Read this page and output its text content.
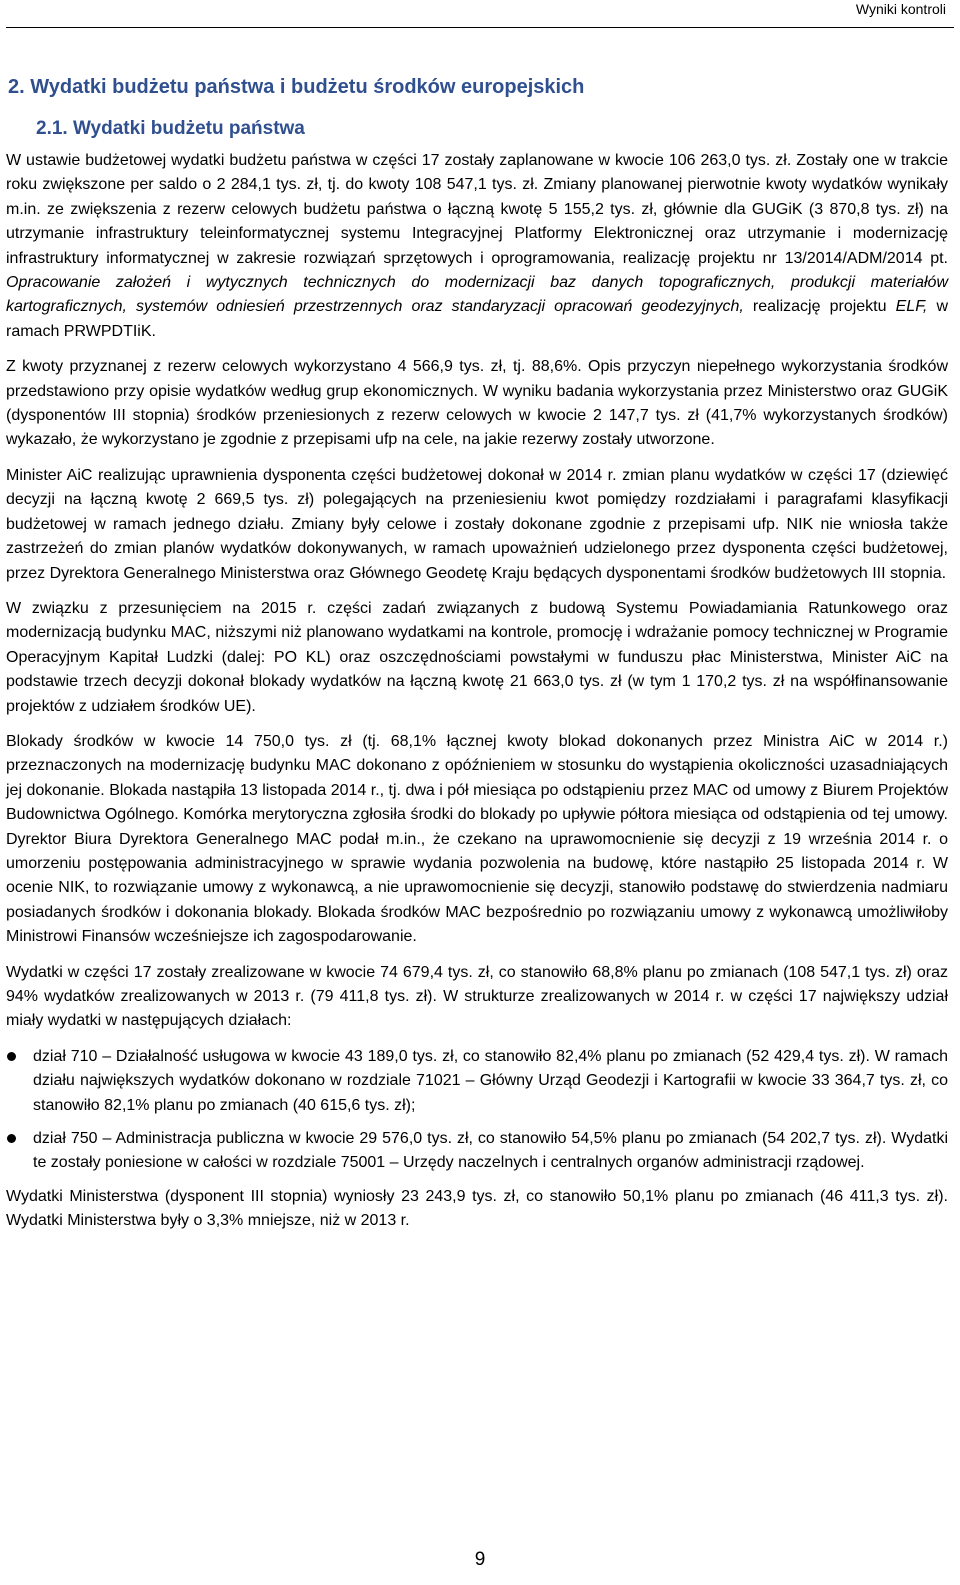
Wyniki kontroli
2. Wydatki budżetu państwa i budżetu środków europejskich
2.1. Wydatki budżetu państwa

W ustawie budżetowej wydatki budżetu państwa w części 17 zostały zaplanowane w kwocie 106 263,0 tys. zł. Zostały one w trakcie roku zwiększone per saldo o 2 284,1 tys. zł, tj. do kwoty 108 547,1 tys. zł. Zmiany planowanej pierwotnie kwoty wydatków wynikały m.in. ze zwiększenia z rezerw celowych budżetu państwa o łączną kwotę 5 155,2 tys. zł, głównie dla GUGiK (3 870,8 tys. zł) na utrzymanie infrastruktury teleinformatycznej systemu Integracyjnej Platformy Elektronicznej oraz utrzymanie i modernizację infrastruktury informatycznej w zakresie rozwiązań sprzętowych i oprogramowania, realizację projektu nr 13/2014/ADM/2014 pt. Opracowanie założeń i wytycznych technicznych do modernizacji baz danych topograficznych, produkcji materiałów kartograficznych, systemów odniesień przestrzennych oraz standaryzacji opracowań geodezyjnych, realizację projektu ELF, w ramach PRWPDTIiK.

Z kwoty przyznanej z rezerw celowych wykorzystano 4 566,9 tys. zł, tj. 88,6%. Opis przyczyn niepełnego wykorzystania środków przedstawiono przy opisie wydatków według grup ekonomicznych. W wyniku badania wykorzystania przez Ministerstwo oraz GUGiK (dysponentów III stopnia) środków przeniesionych z rezerw celowych w kwocie 2 147,7 tys. zł (41,7% wykorzystanych środków) wykazało, że wykorzystano je zgodnie z przepisami ufp na cele, na jakie rezerwy zostały utworzone.

Minister AiC realizując uprawnienia dysponenta części budżetowej dokonał w 2014 r. zmian planu wydatków w części 17 (dziewięć decyzji na łączną kwotę 2 669,5 tys. zł) polegających na przeniesieniu kwot pomiędzy rozdziałami i paragrafami klasyfikacji budżetowej w ramach jednego działu. Zmiany były celowe i zostały dokonane zgodnie z przepisami ufp. NIK nie wniosła także zastrzeżeń do zmian planów wydatków dokonywanych, w ramach upoważnień udzielonego przez dysponenta części budżetowej, przez Dyrektora Generalnego Ministerstwa oraz Głównego Geodetę Kraju będących dysponentami środków budżetowych III stopnia.

W związku z przesunięciem na 2015 r. części zadań związanych z budową Systemu Powiadamiania Ratunkowego oraz modernizacją budynku MAC, niższymi niż planowano wydatkami na kontrole, promocję i wdrażanie pomocy technicznej w Programie Operacyjnym Kapitał Ludzki (dalej: PO KL) oraz oszczędnościami powstałymi w funduszu płac Ministerstwa, Minister AiC na podstawie trzech decyzji dokonał blokady wydatków na łączną kwotę 21 663,0 tys. zł (w tym 1 170,2 tys. zł na współfinansowanie projektów z udziałem środków UE).

Blokady środków w kwocie 14 750,0 tys. zł (tj. 68,1% łącznej kwoty blokad dokonanych przez Ministra AiC w 2014 r.) przeznaczonych na modernizację budynku MAC dokonano z opóźnieniem w stosunku do wystąpienia okoliczności uzasadniających jej dokonanie. Blokada nastąpiła 13 listopada 2014 r., tj. dwa i pół miesiąca po odstąpieniu przez MAC od umowy z Biurem Projektów Budownictwa Ogólnego. Komórka merytoryczna zgłosiła środki do blokady po upływie półtora miesiąca od odstąpienia od tej umowy. Dyrektor Biura Dyrektora Generalnego MAC podał m.in., że czekano na uprawomocnienie się decyzji z 19 września 2014 r. o umorzeniu postępowania administracyjnego w sprawie wydania pozwolenia na budowę, które nastąpiło 25 listopada 2014 r. W ocenie NIK, to rozwiązanie umowy z wykonawcą, a nie uprawomocnienie się decyzji, stanowiło podstawę do stwierdzenia nadmiaru posiadanych środków i dokonania blokady. Blokada środków MAC bezpośrednio po rozwiązaniu umowy z wykonawcą umożliwiłoby Ministrowi Finansów wcześniejsze ich zagospodarowanie.

Wydatki w części 17 zostały zrealizowane w kwocie 74 679,4 tys. zł, co stanowiło 68,8% planu po zmianach (108 547,1 tys. zł) oraz 94% wydatków zrealizowanych w 2013 r. (79 411,8 tys. zł). W strukturze zrealizowanych w 2014 r. w części 17 największy udział miały wydatki w następujących działach:

dział 710 – Działalność usługowa w kwocie 43 189,0 tys. zł, co stanowiło 82,4% planu po zmianach (52 429,4 tys. zł). W ramach działu największych wydatków dokonano w rozdziale 71021 – Główny Urząd Geodezji i Kartografii w kwocie 33 364,7 tys. zł, co stanowiło 82,1% planu po zmianach (40 615,6 tys. zł);
dział 750 – Administracja publiczna w kwocie 29 576,0 tys. zł, co stanowiło 54,5% planu po zmianach (54 202,7 tys. zł). Wydatki te zostały poniesione w całości w rozdziale 75001 – Urzędy naczelnych i centralnych organów administracji rządowej.

Wydatki Ministerstwa (dysponent III stopnia) wyniosły 23 243,9 tys. zł, co stanowiło 50,1% planu po zmianach (46 411,3 tys. zł). Wydatki Ministerstwa były o 3,3% mniejsze, niż w 2013 r.

9
